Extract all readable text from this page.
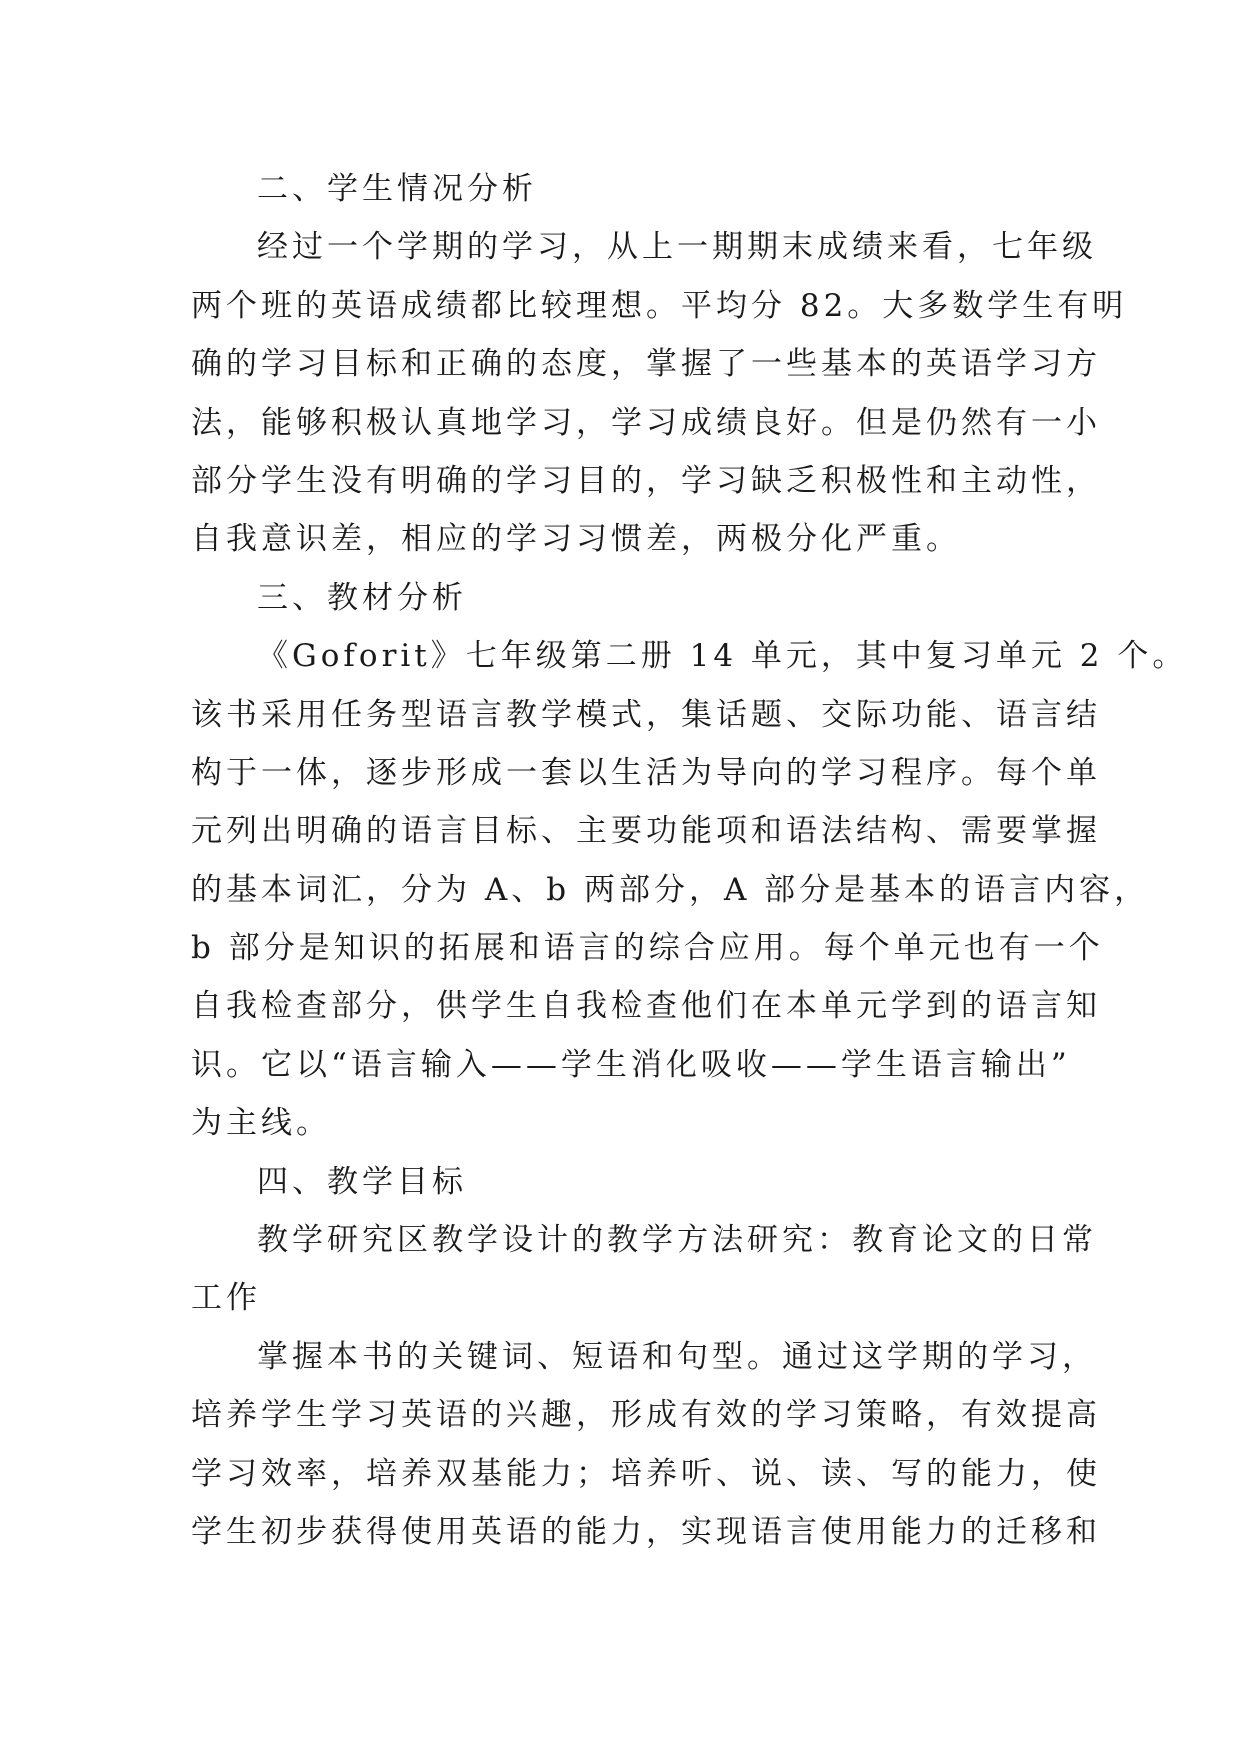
二、学生情况分析
经过一个学期的学习，从上一期期末成绩来看，七年级
两个班的英语成绩都比较理想。平均分 82。大多数学生有明
确的学习目标和正确的态度，掌握了一些基本的英语学习方
法，能够积极认真地学习，学习成绩良好。但是仍然有一小
部分学生没有明确的学习目的，学习缺乏积极性和主动性，
自我意识差，相应的学习习惯差，两极分化严重。
三、教材分析
《Goforit》七年级第二册 14 单元，其中复习单元 2 个。
该书采用任务型语言教学模式，集话题、交际功能、语言结
构于一体，逐步形成一套以生活为导向的学习程序。每个单
元列出明确的语言目标、主要功能项和语法结构、需要掌握
的基本词汇，分为 A、b 两部分，A 部分是基本的语言内容，
b 部分是知识的拓展和语言的综合应用。每个单元也有一个
自我检查部分，供学生自我检查他们在本单元学到的语言知
识。它以“语言输入——学生消化吸收——学生语言输出”
为主线。
四、教学目标
教学研究区教学设计的教学方法研究：教育论文的日常
工作
掌握本书的关键词、短语和句型。通过这学期的学习，
培养学生学习英语的兴趣，形成有效的学习策略，有效提高
学习效率，培养双基能力；培养听、说、读、写的能力，使
学生初步获得使用英语的能力，实现语言使用能力的迁移和
